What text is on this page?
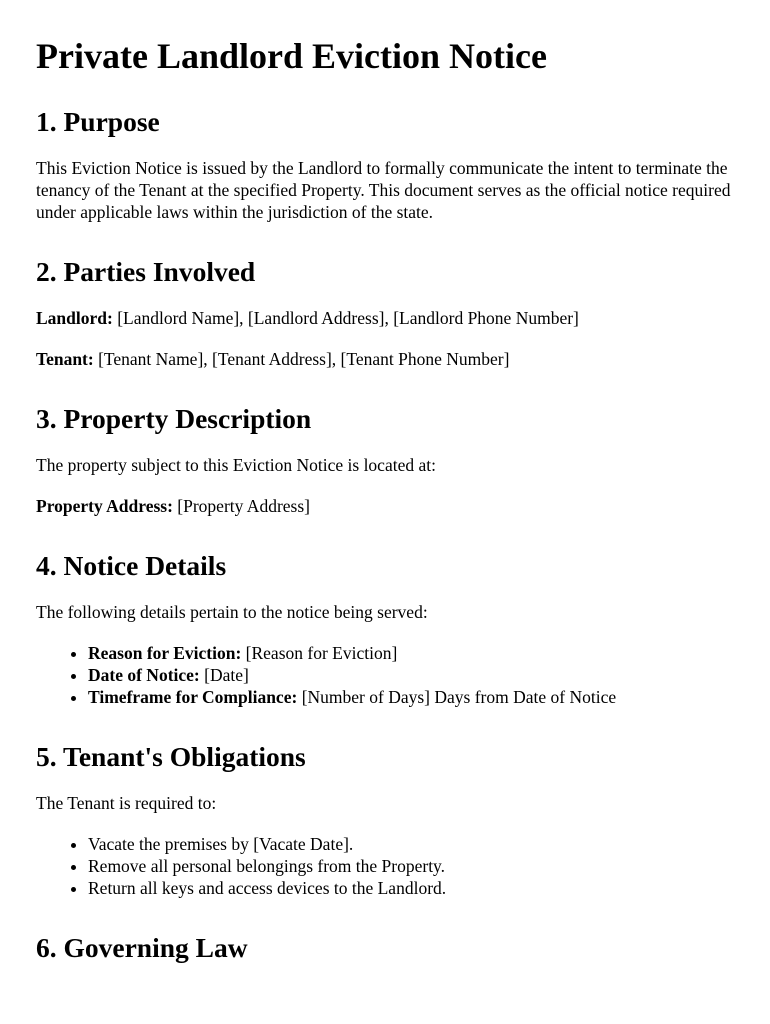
Private Landlord Eviction Notice
1. Purpose

This Eviction Notice is issued by the Landlord to formally communicate the intent to terminate the tenancy of the Tenant at the specified Property. This document serves as the official notice required under applicable laws within the jurisdiction of the state.

2. Parties Involved

Landlord: [Landlord Name], [Landlord Address], [Landlord Phone Number]

Tenant: [Tenant Name], [Tenant Address], [Tenant Phone Number]

3. Property Description

The property subject to this Eviction Notice is located at:

Property Address: [Property Address]

4. Notice Details

The following details pertain to the notice being served:

• Reason for Eviction: [Reason for Eviction]
• Date of Notice: [Date]
• Timeframe for Compliance: [Number of Days] Days from Date of Notice
5. Tenant's Obligations

The Tenant is required to:

• Vacate the premises by [Vacate Date].
• Remove all personal belongings from the Property.
• Return all keys and access devices to the Landlord.
6. Governing Law
